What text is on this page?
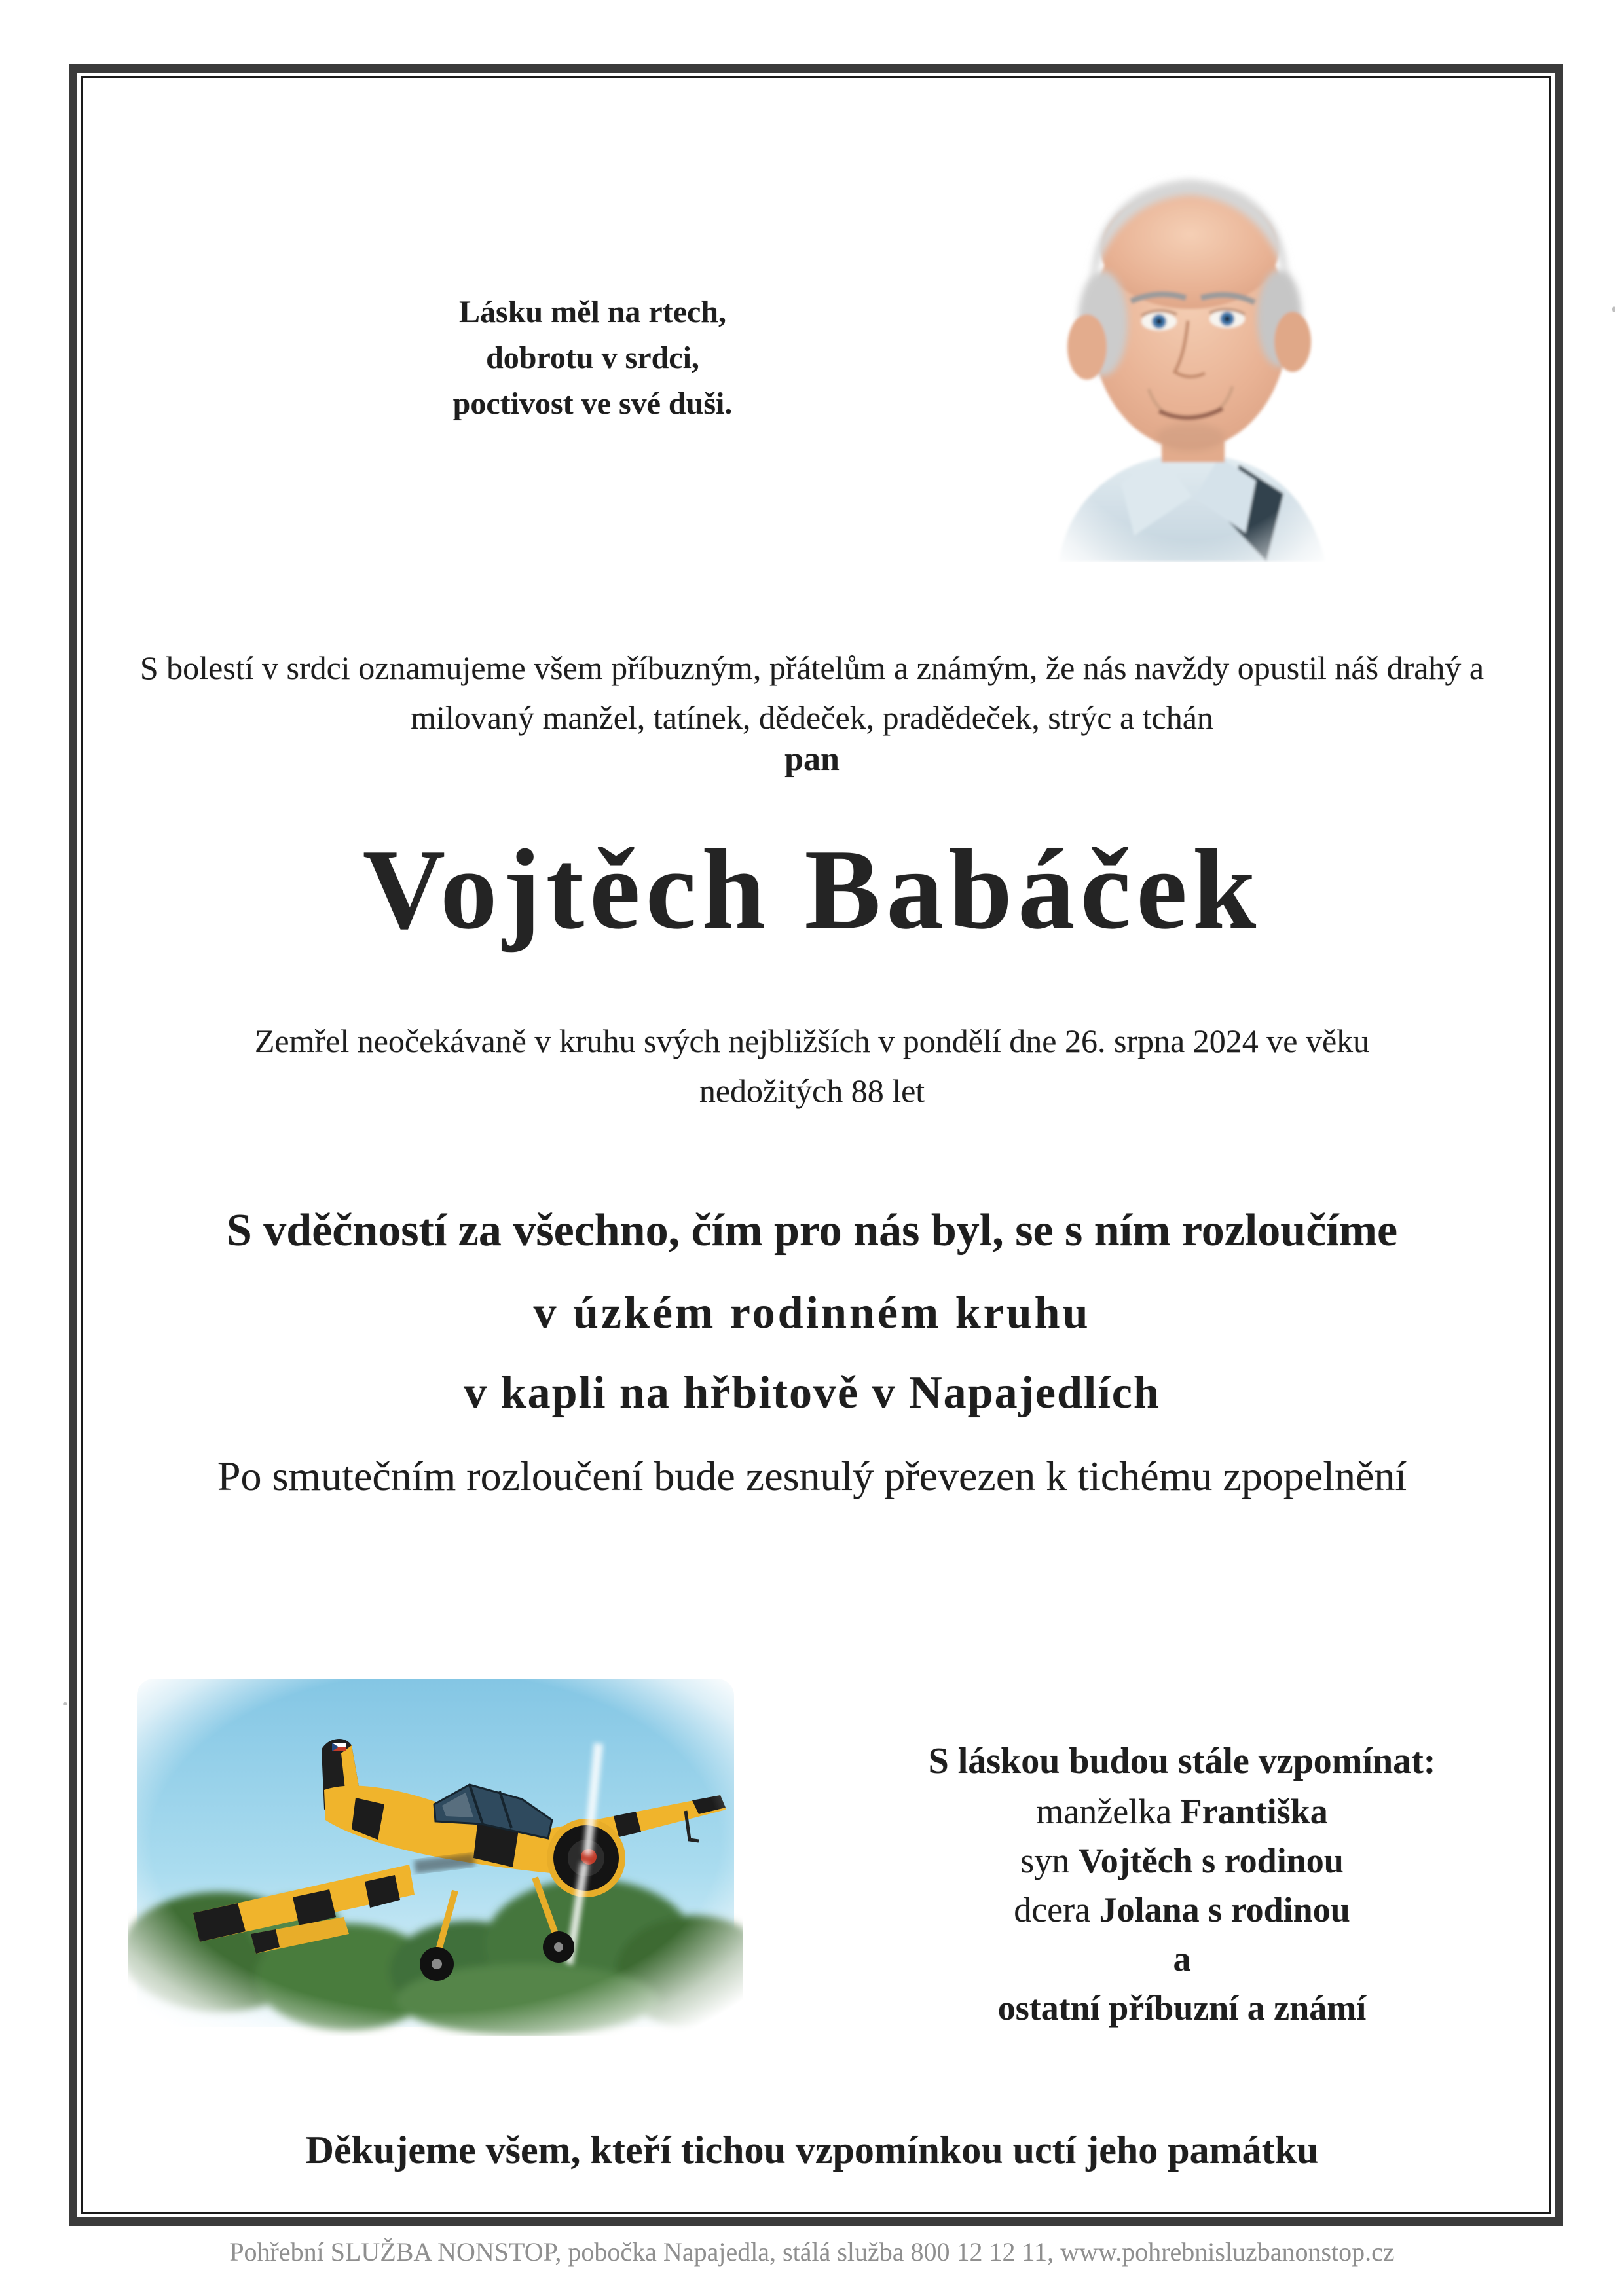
Lásku měl na rtech,
dobrotu v srdci,
poctivost ve své duši.
S bolestí v srdci oznamujeme všem příbuzným, přátelům a známým, že nás navždy opustil náš drahý a
milovaný manžel, tatínek, dědeček, pradědeček, strýc a tchán
pan
Vojtěch Babáček
Zemřel neočekávaně v kruhu svých nejbližších v pondělí dne 26. srpna 2024 ve věku
nedožitých 88 let
S vděčností za všechno, čím pro nás byl, se s ním rozloučíme
v úzkém rodinném kruhu
v kapli na hřbitově v Napajedlích
Po smutečním rozloučení bude zesnulý převezen k tichému zpopelnění
S láskou budou stále vzpomínat:
manželka Františka
syn Vojtěch s rodinou
dcera Jolana s rodinou
a
ostatní příbuzní a známí
Děkujeme všem, kteří tichou vzpomínkou uctí jeho památku
Pohřební SLUŽBA NONSTOP, pobočka Napajedla, stálá služba 800 12 12 11, www.pohrebnisluzbanonstop.cz
